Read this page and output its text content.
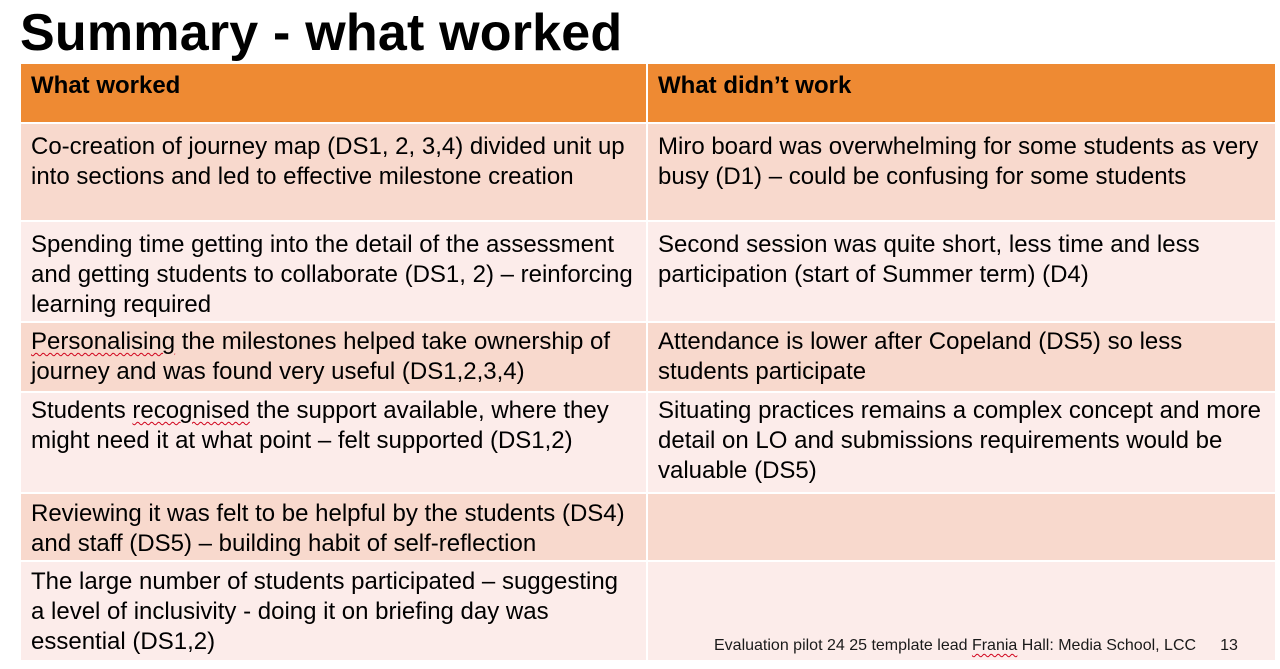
Summary - what worked
What worked	What didn’t work
Co-creation of journey map (DS1, 2, 3,4) divided unit up into sections and led to effective milestone creation	Miro board was overwhelming for some students as very busy (D1) – could be confusing for some students
Spending time getting into the detail of the assessment and getting students to collaborate (DS1, 2) – reinforcing learning required	Second session was quite short, less time and less participation (start of Summer term) (D4)
Personalising the milestones helped take ownership of journey and was found very useful (DS1,2,3,4)	Attendance is lower after Copeland (DS5) so less students participate
Students recognised the support available, where they might need it at what point – felt supported (DS1,2)	Situating practices remains a complex concept and more detail on LO and submissions requirements would be valuable (DS5)
Reviewing it was felt to be helpful by the students (DS4) and staff (DS5) – building habit of self-reflection	
The large number of students participated – suggesting a level of inclusivity - doing it on briefing day was essential (DS1,2)		Evaluation pilot 24 25 template lead Frania Hall: Media School, LCC 13
